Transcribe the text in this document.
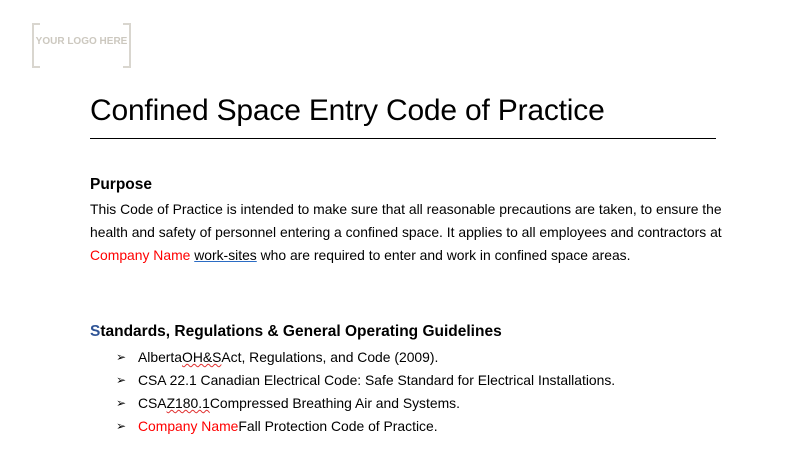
YOUR LOGO HERE
Confined Space Entry Code of Practice
Purpose
This Code of Practice is intended to make sure that all reasonable precautions are taken, to ensure the health and safety of personnel entering a confined space. It applies to all employees and contractors at Company Name work-sites who are required to enter and work in confined space areas.
Standards, Regulations & General Operating Guidelines
➢ Alberta OH&S Act, Regulations, and Code (2009).
➢ CSA 22.1 Canadian Electrical Code: Safe Standard for Electrical Installations.
➢ CSA Z180.1 Compressed Breathing Air and Systems.
➢ Company Name Fall Protection Code of Practice.
